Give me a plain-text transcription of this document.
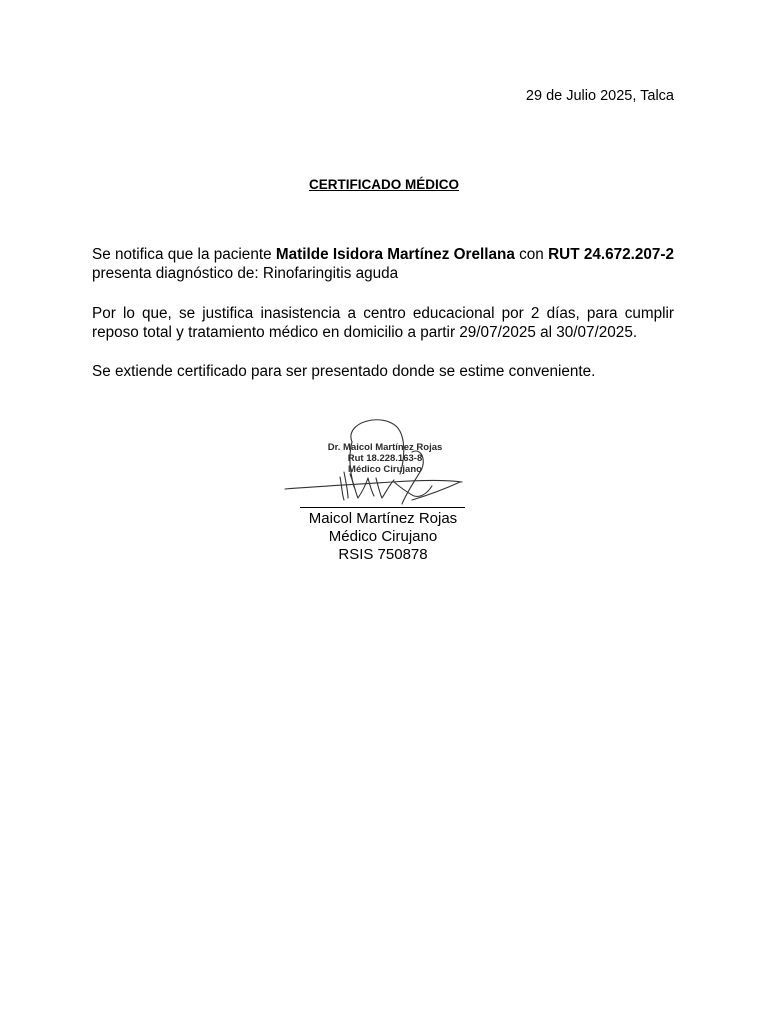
29 de Julio 2025, Talca
CERTIFICADO MÉDICO
Se notifica que la paciente Matilde Isidora Martínez Orellana con RUT 24.672.207-2 presenta diagnóstico de: Rinofaringitis aguda
Por lo que, se justifica inasistencia a centro educacional por 2 días, para cumplir reposo total y tratamiento médico en domicilio a partir 29/07/2025 al 30/07/2025.
Se extiende certificado para ser presentado donde se estime conveniente.
Dr. Maicol Martínez Rojas
Rut 18.228.163-8
Médico Cirujano
Maicol Martínez Rojas
Médico Cirujano
RSIS 750878
